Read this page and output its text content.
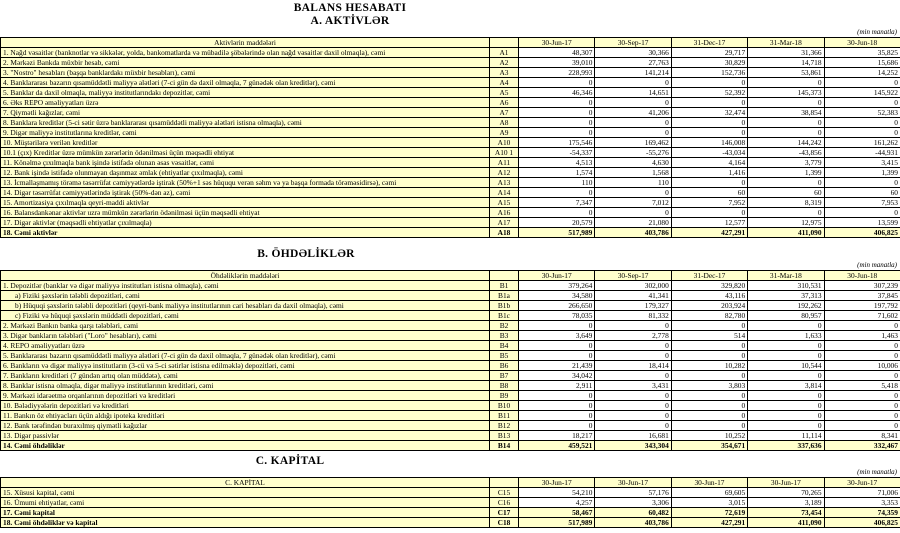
BALANS HESABATI
A. AKTİVLƏR
(min manatla)
Aktivlərin maddələri		30-Jun-17	30-Sep-17	31-Dec-17	31-Mar-18	30-Jun-18
1. Nağd vəsaitlər (banknotlar və sikkələr, yolda, bankomatlarda və mübadilə şöbələrində olan nağd vəsaitlər daxil olmaqla), cəmi	A1	48,307	30,366	29,717	31,366	35,825
2. Mərkəzi Bankda müxbir hesab, cəmi	A2	39,010	27,763	30,829	14,718	15,686
3. "Nostro" hesabları (başqa banklardakı müxbir hesabları), cəmi	A3	228,993	141,214	152,736	53,861	14,252
4. Banklararası bazarın qısamüddətli maliyyə alətləri (7-ci gün də daxil olmaqla, 7 günədək olan kreditlər), cəmi	A4	0	0	0	0	0
5. Banklar da daxil olmaqla, maliyyə institutlarındakı depozitlər, cəmi	A5	46,346	14,651	52,392	145,373	145,922
6. Əks REPO əməliyyatları üzrə	A6	0	0	0	0	0
7. Qiymətli kağızlar, cəmi	A7	0	41,206	32,474	38,854	52,383
8. Banklara kreditlər (5-ci sətir üzrə banklararası qısamüddətli maliyyə alətləri istisna olmaqla), cəmi	A8	0	0	0	0	0
9. Digər maliyyə institutlarına kreditlər, cəmi	A9	0	0	0	0	0
10. Müştərilərə verilən kreditlər	A10	175,546	169,462	146,008	144,242	161,262
10.1 (çıx) Kreditlər üzrə mümkün zərərlərin ödənilməsi üçün məqsədli ehtiyat	A10 1	-54,337	-55,276	-43,034	-43,856	-44,931
11. Könəlmə çıxılmaqla bank işində istifadə olunan əsas vəsaitlər, cəmi	A11	4,513	4,630	4,164	3,779	3,415
12. Bank işində istifadə olunmayan daşınmaz əmlak (ehtiyatlar çıxılmaqla), cəmi	A12	1,574	1,568	1,416	1,399	1,399
13. İcmallaşmamış törəmə təsərrüfat cəmiyyətlərdə iştirak (50%+1 səs hüququ verən səhm və ya başqa formada törəməsidirsə), cəmi	A13	110	110	0	0	0
14. Digər təsərrüfat cəmiyyətlərində iştirak (50%-dən az), cəmi	A14	0	0	60	60	60
15. Amortizasiya çıxılmaqla qeyri-maddi aktivlər	A15	7,347	7,012	7,952	8,319	7,953
16. Balansdankənar aktivlər uzrə mümkün zərərlərin ödənilməsi üçün məqsədli ehtiyat	A16	0	0	0	0	0
17. Digər aktivlər (məqsədli ehtiyatlar çıxılmaqla)	A17	20,579	21,080	12,577	12,975	13,599
18. Cəmi aktivlər	A18	517,989	403,786	427,291	411,090	406,825
B. ÖHDƏLİKLƏR
(min manatla)
Öhdəliklərin maddələri		30-Jun-17	30-Sep-17	31-Dec-17	31-Mar-18	30-Jun-18
1. Depozitlər (banklar və digər maliyyə institutları istisna olmaqla), cəmi	B1	379,264	302,000	329,820	310,531	307,239
a) Fiziki şəxslərin tələbli depozitləri, cəmi	B1a	34,580	41,341	43,116	37,313	37,845
b) Hüquqi şəxslərin tələbli depozitləri (qeyri-bank maliyyə institutlarının cari hesabları da daxil olmaqla), cəmi	B1b	266,650	179,327	203,924	192,262	197,792
c) Fiziki və hüquqi şəxslərin müddətli depozitləri, cəmi	B1c	78,035	81,332	82,780	80,957	71,602
2. Mərkəzi Bankın banka qarşı tələbləri, cəmi	B2	0	0	0	0	0
3. Digər bankların tələbləri ("Loro" hesabları), cəmi	B3	3,649	2,778	514	1,633	1,463
4. REPO əməliyyatları üzrə	B4	0	0	0	0	0
5. Banklararası bazarın qısamüddətli maliyyə alətləri (7-ci gün də daxil olmaqla, 7 günədək olan kreditlər), cəmi	B5	0	0	0	0	0
6. Bankların və digər maliyyə institutların (3-cü və 5-ci sətirlər istisna edilməklə) depozitləri, cəmi	B6	21,439	18,414	10,282	10,544	10,006
7. Bankların kreditləri (7 gündən artıq olan müddətə), cəmi	B7	34,042	0	0	0	0
8. Banklar istisna olmaqla, digər maliyyə institutlarının kreditləri, cəmi	B8	2,911	3,431	3,803	3,814	5,418
9. Mərkəzi idarəetmə orqanlarının depozitləri və kreditləri	B9	0	0	0	0	0
10. Bələdiyyələrin depozitləri və kreditləri	B10	0	0	0	0	0
11. Bankın öz ehtiyacları üçün aldığı ipoteka kreditləri	B11	0	0	0	0	0
12. Bank tərəfindən buraxılmış qiymətli kağızlar	B12	0	0	0	0	0
13. Digər passivlər	B13	18,217	16,681	10,252	11,114	8,341
14. Cəmi öhdəliklər	B14	459,521	343,304	354,671	337,636	332,467
C. KAPİTAL
(min manatla)
C. KAPİTAL		30-Jun-17	30-Jun-17	30-Jun-17	30-Jun-17	30-Jun-17
15. Xüsusi kapital, cəmi	C15	54,210	57,176	69,605	70,265	71,006
16. Ümumi ehtiyatlar, cəmi	C16	4,257	3,306	3,015	3,189	3,353
17. Cəmi kapital	C17	58,467	60,482	72,619	73,454	74,359
18. Cəmi öhdəliklər və kapital	C18	517,989	403,786	427,291	411,090	406,825
